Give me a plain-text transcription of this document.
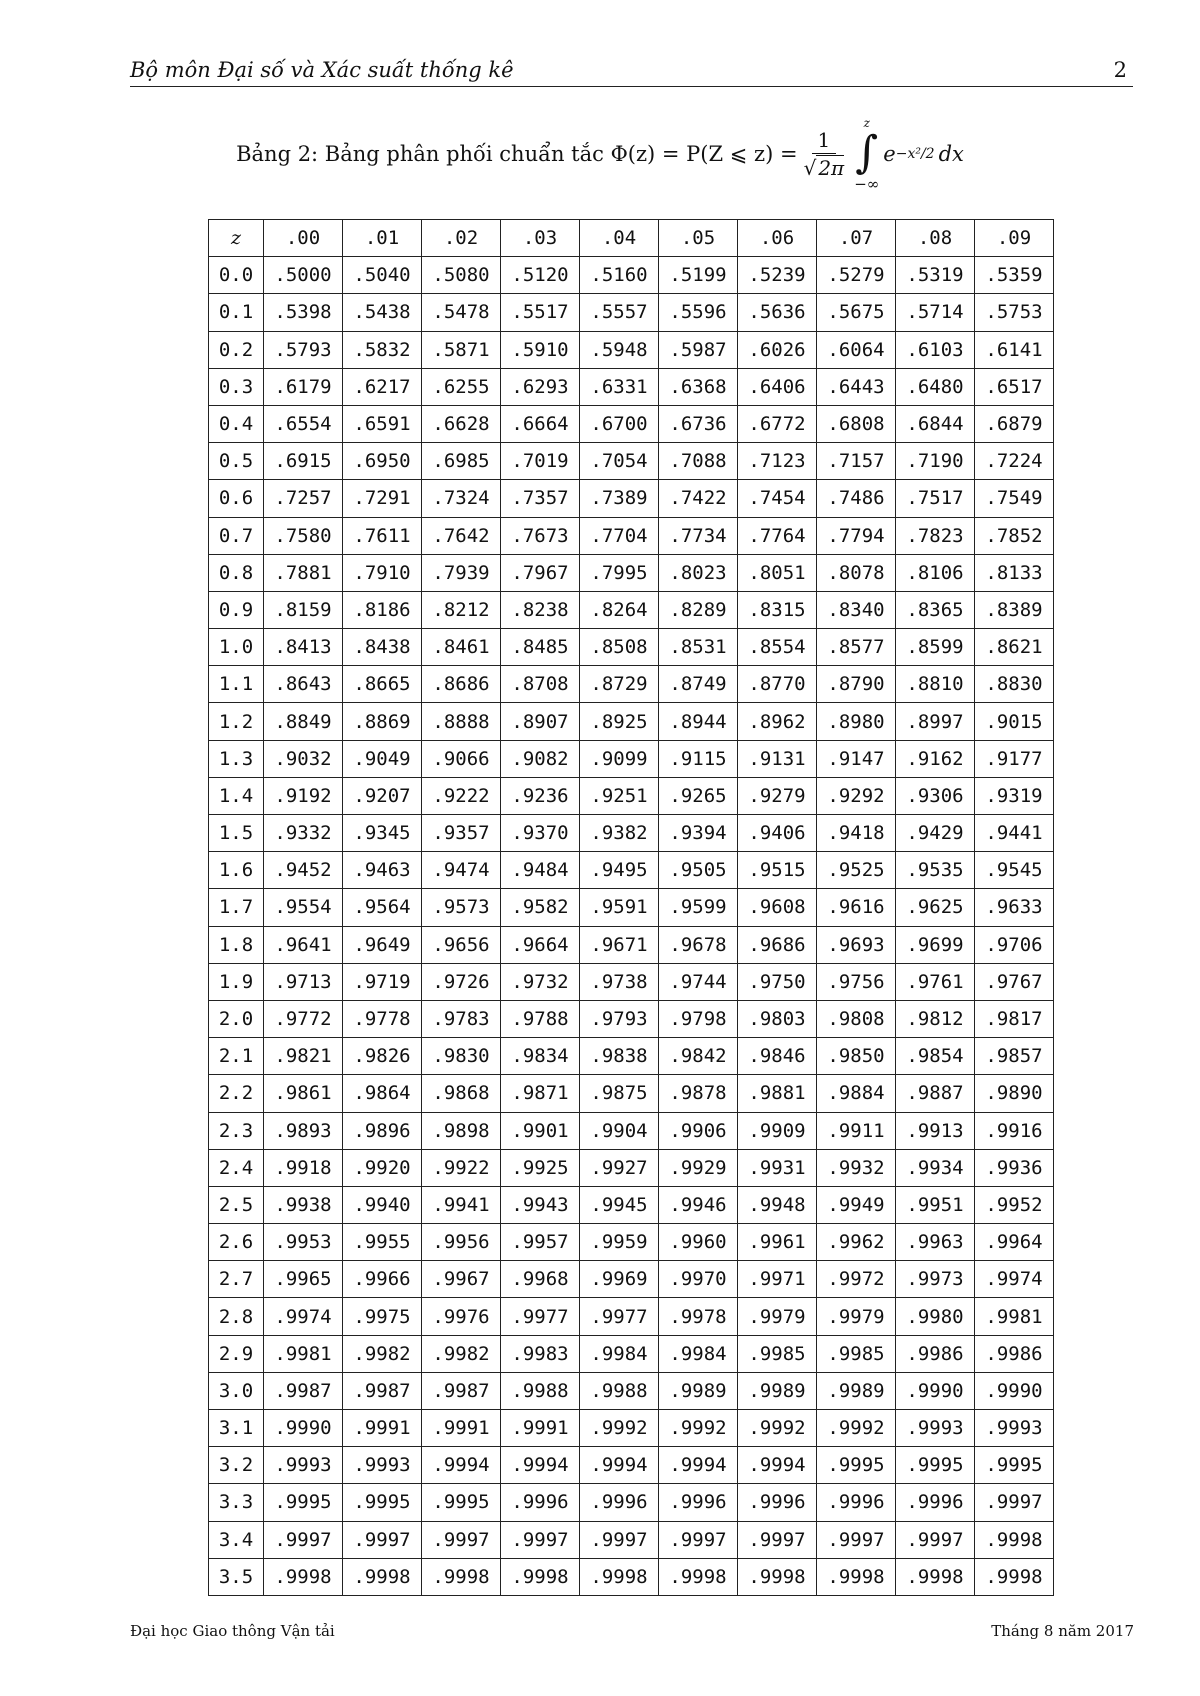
Bộ môn Đại số và Xác suất thống kê	2
Bảng 2: Bảng phân phối chuẩn tắc Φ(z) = P(Z ⩽ $z) = \frac{1}{√ 2\pi}$
z
∫
−∞
e −x²/2 dx
z	.00	.01	.02	.03	.04	.05	.06	.07	.08	.09
0.0	.5000	.5040	.5080	.5120	.5160	.5199	.5239	.5279	.5319	.5359
0.1	.5398	.5438	.5478	.5517	.5557	.5596	.5636	.5675	.5714	.5753
0.2	.5793	.5832	.5871	.5910	.5948	.5987	.6026	.6064	.6103	.6141
0.3	.6179	.6217	.6255	.6293	.6331	.6368	.6406	.6443	.6480	.6517
0.4	.6554	.6591	.6628	.6664	.6700	.6736	.6772	.6808	.6844	.6879
0.5	.6915	.6950	.6985	.7019	.7054	.7088	.7123	.7157	.7190	.7224
0.6	.7257	.7291	.7324	.7357	.7389	.7422	.7454	.7486	.7517	.7549
0.7	.7580	.7611	.7642	.7673	.7704	.7734	.7764	.7794	.7823	.7852
0.8	.7881	.7910	.7939	.7967	.7995	.8023	.8051	.8078	.8106	.8133
0.9	.8159	.8186	.8212	.8238	.8264	.8289	.8315	.8340	.8365	.8389
1.0	.8413	.8438	.8461	.8485	.8508	.8531	.8554	.8577	.8599	.8621
1.1	.8643	.8665	.8686	.8708	.8729	.8749	.8770	.8790	.8810	.8830
1.2	.8849	.8869	.8888	.8907	.8925	.8944	.8962	.8980	.8997	.9015
1.3	.9032	.9049	.9066	.9082	.9099	.9115	.9131	.9147	.9162	.9177
1.4	.9192	.9207	.9222	.9236	.9251	.9265	.9279	.9292	.9306	.9319
1.5	.9332	.9345	.9357	.9370	.9382	.9394	.9406	.9418	.9429	.9441
1.6	.9452	.9463	.9474	.9484	.9495	.9505	.9515	.9525	.9535	.9545
1.7	.9554	.9564	.9573	.9582	.9591	.9599	.9608	.9616	.9625	.9633
1.8	.9641	.9649	.9656	.9664	.9671	.9678	.9686	.9693	.9699	.9706
1.9	.9713	.9719	.9726	.9732	.9738	.9744	.9750	.9756	.9761	.9767
2.0	.9772	.9778	.9783	.9788	.9793	.9798	.9803	.9808	.9812	.9817
2.1	.9821	.9826	.9830	.9834	.9838	.9842	.9846	.9850	.9854	.9857
2.2	.9861	.9864	.9868	.9871	.9875	.9878	.9881	.9884	.9887	.9890
2.3	.9893	.9896	.9898	.9901	.9904	.9906	.9909	.9911	.9913	.9916
2.4	.9918	.9920	.9922	.9925	.9927	.9929	.9931	.9932	.9934	.9936
2.5	.9938	.9940	.9941	.9943	.9945	.9946	.9948	.9949	.9951	.9952
2.6	.9953	.9955	.9956	.9957	.9959	.9960	.9961	.9962	.9963	.9964
2.7	.9965	.9966	.9967	.9968	.9969	.9970	.9971	.9972	.9973	.9974
2.8	.9974	.9975	.9976	.9977	.9977	.9978	.9979	.9979	.9980	.9981
2.9	.9981	.9982	.9982	.9983	.9984	.9984	.9985	.9985	.9986	.9986
3.0	.9987	.9987	.9987	.9988	.9988	.9989	.9989	.9989	.9990	.9990
3.1	.9990	.9991	.9991	.9991	.9992	.9992	.9992	.9992	.9993	.9993
3.2	.9993	.9993	.9994	.9994	.9994	.9994	.9994	.9995	.9995	.9995
3.3	.9995	.9995	.9995	.9996	.9996	.9996	.9996	.9996	.9996	.9997
3.4	.9997	.9997	.9997	.9997	.9997	.9997	.9997	.9997	.9997	.9998
3.5	.9998	.9998	.9998	.9998	.9998	.9998	.9998	.9998	.9998	.9998
Đại học Giao thông Vận tải	Tháng 8 năm 2017
